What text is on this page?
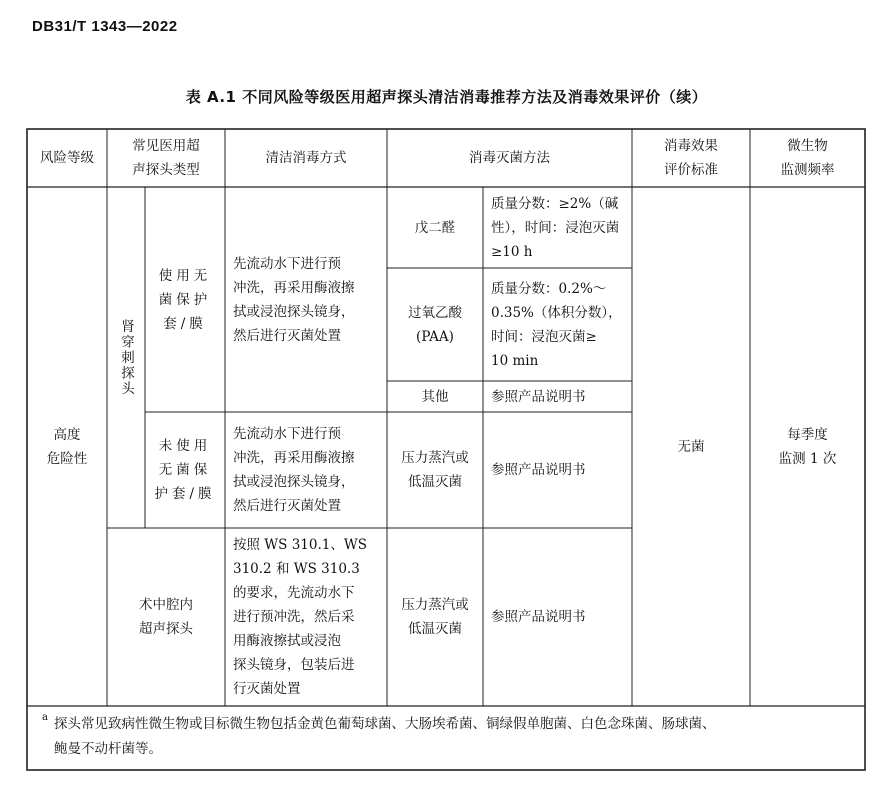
DB31/T 1343—2022
表 A.1 不同风险等级医用超声探头清洁消毒推荐方法及消毒效果评价（续）
风险等级
常见医用超
声探头类型
清洁消毒方式	消毒灭菌方法
消毒效果
评价标准
微生物
监测频率
高度
危险性
肾穿刺探头
使用无
菌保护
套/膜
未使用
无菌保
护套/膜
术中腔内
超声探头
先流动水下进行预
冲洗，再采用酶液擦
拭或浸泡探头镜身，
然后进行灭菌处置
先流动水下进行预
冲洗，再采用酶液擦
拭或浸泡探头镜身，
然后进行灭菌处置
按照 WS 310.1、WS
310.2 和 WS 310.3
的要求，先流动水下
进行预冲洗，然后采
用酶液擦拭或浸泡
探头镜身，包装后进
行灭菌处置
戊二醛
质量分数：≥2%（碱
性），时间：浸泡灭菌
≥10 h
过氧乙酸
(PAA)
质量分数：0.2%～
0.35%（体积分数），
时间：浸泡灭菌≥
10 min
其他	参照产品说明书
压力蒸汽或
低温灭菌
参照产品说明书
压力蒸汽或
低温灭菌
参照产品说明书
无菌
每季度
监测 1 次
a 探头常见致病性微生物或目标微生物包括金黄色葡萄球菌、大肠埃希菌、铜绿假单胞菌、白色念珠菌、肠球菌、
鲍曼不动杆菌等。
